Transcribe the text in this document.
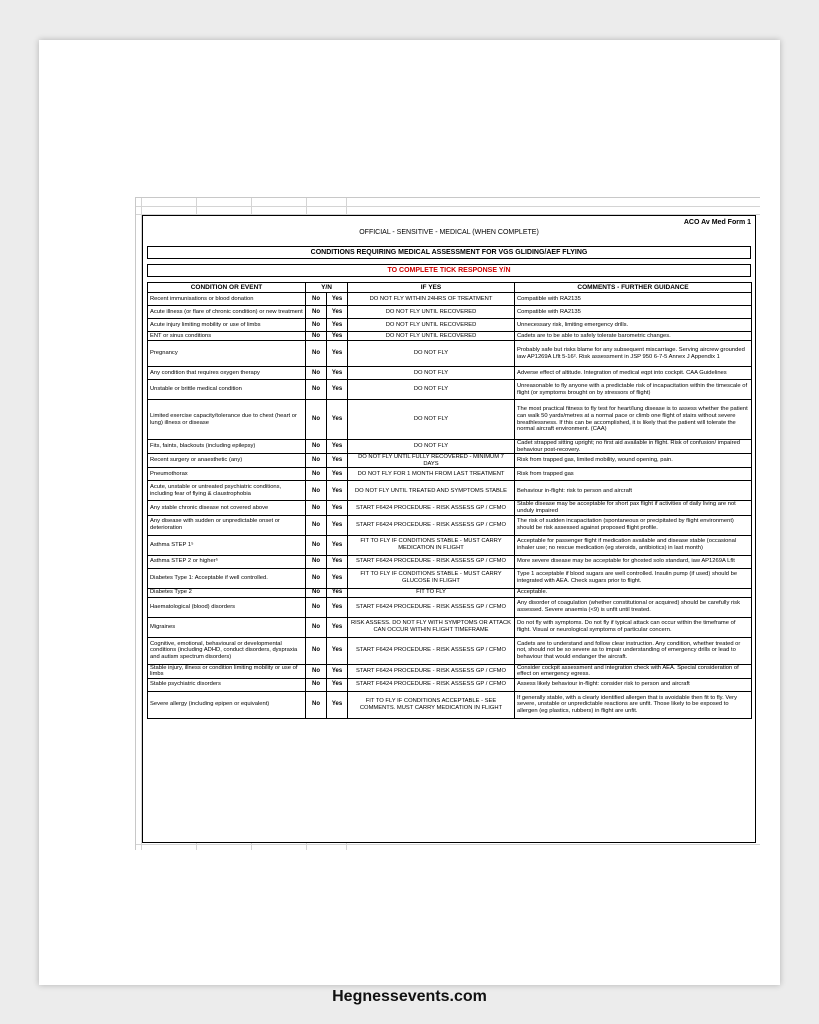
ACO Av Med Form 1
OFFICIAL - SENSITIVE - MEDICAL (WHEN COMPLETE)
CONDITIONS REQUIRING MEDICAL ASSESSMENT FOR VGS GLIDING/AEF FLYING
TO COMPLETE TICK RESPONSE Y/N
CONDITION OR EVENT	Y/N		IF YES	COMMENTS - FURTHER GUIDANCE
Recent immunisations or blood donation	No	Yes	DO NOT FLY WITHIN 24HRS OF TREATMENT	Compatible with RA2135
Acute illness (or flare of chronic condition) or new treatment	No	Yes	DO NOT FLY UNTIL RECOVERED	Compatible with RA2135
Acute injury limiting mobility or use of limbs	No	Yes	DO NOT FLY UNTIL RECOVERED	Unnecessary risk, limiting emergency drills.
ENT or sinus conditions	No	Yes	DO NOT FLY UNTIL RECOVERED	Cadets are to be able to safely tolerate barometric changes.
Pregnancy	No	Yes	DO NOT FLY	Probably safe but risks blame for any subsequent miscarriage. Serving aircrew grounded iaw AP1269A Lflt 5-16². Risk assessment in JSP 950 6-7-5 Annex J Appendix 1
Any condition that requires oxygen therapy	No	Yes	DO NOT FLY	Adverse effect of altitude. Integration of medical eqpt into cockpit. CAA Guidelines
Unstable or brittle medical condition	No	Yes	DO NOT FLY	Unreasonable to fly anyone with a predictable risk of incapacitation within the timescale of flight (or symptoms brought on by stressors of flight)
Limited exercise capacity/tolerance due to chest (heart or lung) illness or disease	No	Yes	DO NOT FLY	The most practical fitness to fly test for heart/lung disease is to assess whether the patient can walk 50 yards/metres at a normal pace or climb one flight of stairs without severe breathlessness. If this can be accomplished, it is likely that the patient will tolerate the normal aircraft environment. (CAA)
Fits, faints, blackouts (including epilepsy)	No	Yes	DO NOT FLY	Cadet strapped sitting upright; no first aid available in flight. Risk of confusion/ impaired behaviour post-recovery.
Recent surgery or anaesthetic (any)	No	Yes	DO NOT FLY UNTIL FULLY RECOVERED - MINIMUM 7 DAYS	Risk from trapped gas, limited mobility, wound opening, pain.
Pneumothorax	No	Yes	DO NOT FLY FOR 1 MONTH FROM LAST TREATMENT	Risk from trapped gas
Acute, unstable or untreated psychiatric conditions, including fear of flying & claustrophobia	No	Yes	DO NOT FLY UNTIL TREATED AND SYMPTOMS STABLE	Behaviour in-flight: risk to person and aircraft
Any stable chronic disease not covered above	No	Yes	START F6424 PROCEDURE - RISK ASSESS GP / CFMO	Stable disease may be acceptable for short pax flight if activities of daily living are not unduly impaired
Any disease with sudden or unpredictable onset or deterioration	No	Yes	START F6424 PROCEDURE - RISK ASSESS GP / CFMO	The risk of sudden incapacitation (spontaneous or precipitated by flight environment) should be risk assessed against proposed flight profile.
Asthma STEP 1⁵	No	Yes	FIT TO FLY IF CONDITIONS STABLE - MUST CARRY MEDICATION IN FLIGHT	Acceptable for passenger flight if medication available and disease stable (occasional inhaler use; no rescue medication (eg steroids, antibiotics) in last month)
Asthma STEP 2 or higher⁵	No	Yes	START F6424 PROCEDURE - RISK ASSESS GP / CFMO	More severe disease may be acceptable for ghosted solo standard, iaw AP1269A Lflt
Diabetes Type 1: Acceptable if well controlled.	No	Yes	FIT TO FLY IF CONDITIONS STABLE - MUST CARRY GLUCOSE IN FLIGHT	Type 1 acceptable if blood sugars are well controlled. Insulin pump (if used) should be integrated with AEA. Check sugars prior to flight.
Diabetes Type 2	No	Yes	FIT TO FLY	Acceptable.
Haematological (blood) disorders	No	Yes	START F6424 PROCEDURE - RISK ASSESS GP / CFMO	Any disorder of coagulation (whether constitutional or acquired) should be carefully risk assessed. Severe anaemia (<9) is unfit until treated.
Migraines	No	Yes	RISK ASSESS. DO NOT FLY WITH SYMPTOMS OR ATTACK CAN OCCUR WITHIN FLIGHT TIMEFRAME	Do not fly with symptoms. Do not fly if typical attack can occur within the timeframe of flight. Visual or neurological symptoms of particular concern.
Cognitive, emotional, behavioural or developmental conditions (including ADHD, conduct disorders, dyspraxia and autism spectrum disorders)	No	Yes	START F6424 PROCEDURE - RISK ASSESS GP / CFMO	Cadets are to understand and follow clear instruction. Any condition, whether treated or not, should not be so severe as to impair understanding of emergency drills or lead to behaviour that would endanger the aircraft.
Stable injury, illness or condition limiting mobility or use of limbs	No	Yes	START F6424 PROCEDURE - RISK ASSESS GP / CFMO	Consider cockpit assessment and integration check with AEA. Special consideration of effect on emergency egress.
Stable psychiatric disorders	No	Yes	START F6424 PROCEDURE - RISK ASSESS GP / CFMO	Assess likely behaviour in-flight: consider risk to person and aircraft
Severe allergy (including epipen or equivalent)	No	Yes	FIT TO FLY IF CONDITIONS ACCEPTABLE - SEE COMMENTS. MUST CARRY MEDICATION IN FLIGHT	If generally stable, with a clearly identified allergen that is avoidable then fit to fly. Very severe, unstable or unpredictable reactions are unfit. Those likely to be exposed to allergen (eg plastics, rubbers) in flight are unfit.
Hegnessevents.com
